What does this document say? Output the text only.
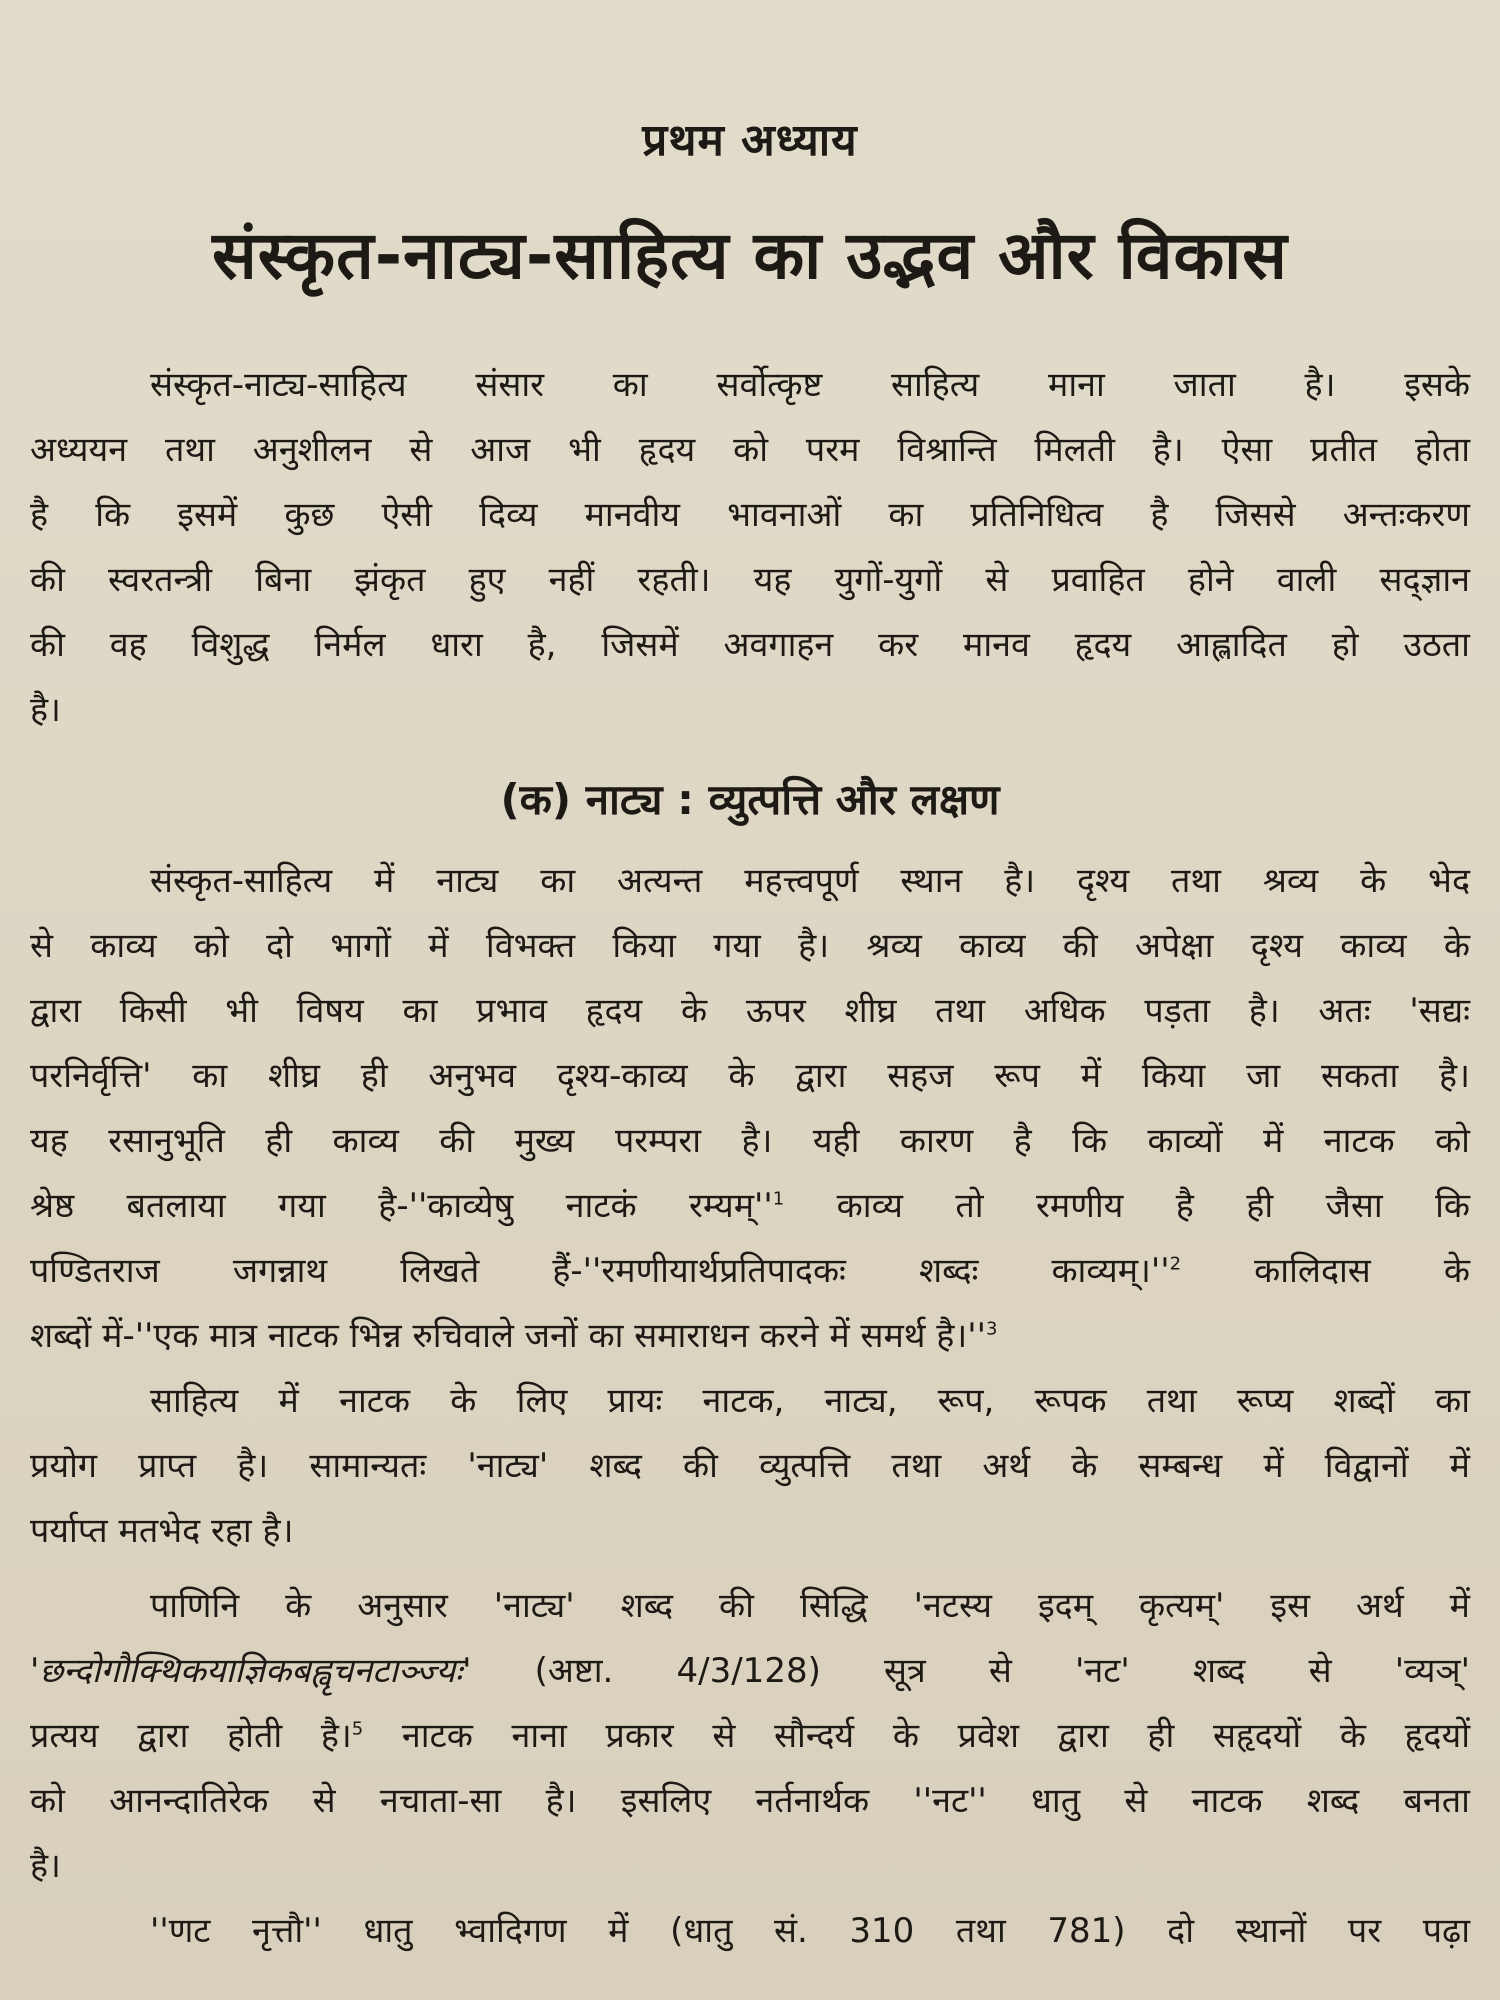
प्रथम अध्याय
संस्कृत-नाट्य-साहित्य का उद्भव और विकास
संस्कृत-नाट्य-साहित्य संसार का सर्वोत्कृष्ट साहित्य माना जाता है। इसके
अध्ययन तथा अनुशीलन से आज भी हृदय को परम विश्रान्ति मिलती है। ऐसा प्रतीत होता
है कि इसमें कुछ ऐसी दिव्य मानवीय भावनाओं का प्रतिनिधित्व है जिससे अन्तःकरण
की स्वरतन्त्री बिना झंकृत हुए नहीं रहती। यह युगों-युगों से प्रवाहित होने वाली सद्ज्ञान
की वह विशुद्ध निर्मल धारा है, जिसमें अवगाहन कर मानव हृदय आह्लादित हो उठता
है।
(क) नाट्य : व्युत्पत्ति और लक्षण
संस्कृत-साहित्य में नाट्य का अत्यन्त महत्त्वपूर्ण स्थान है। दृश्य तथा श्रव्य के भेद
से काव्य को दो भागों में विभक्त किया गया है। श्रव्य काव्य की अपेक्षा दृश्य काव्य के
द्वारा किसी भी विषय का प्रभाव हृदय के ऊपर शीघ्र तथा अधिक पड़ता है। अतः 'सद्यः
परनिर्वृत्ति' का शीघ्र ही अनुभव दृश्य-काव्य के द्वारा सहज रूप में किया जा सकता है।
यह रसानुभूति ही काव्य की मुख्य परम्परा है। यही कारण है कि काव्यों में नाटक को
श्रेष्ठ बतलाया गया है-''काव्येषु नाटकं $रम्यम्''^1$ काव्य तो रमणीय है ही जैसा कि
पण्डितराज जगन्नाथ लिखते हैं-''रमणीयार्थप्रतिपादकः शब्दः $काव्यम्।''^2$ कालिदास के
शब्दों में-''एक मात्र नाटक भिन्न रुचिवाले जनों का समाराधन करने में समर्थ $है।''^3$
साहित्य में नाटक के लिए प्रायः नाटक, नाट्य, रूप, रूपक तथा रूप्य शब्दों का
प्रयोग प्राप्त है। सामान्यतः 'नाट्य' शब्द की व्युत्पत्ति तथा अर्थ के सम्बन्ध में विद्वानों में
पर्याप्त मतभेद रहा है।
पाणिनि के अनुसार 'नाट्य' शब्द की सिद्धि 'नटस्य इदम् कृत्यम्' इस अर्थ में
'छन्दोगौक्थिकयाज्ञिकबह्वृचनटाञ्ज्यः' (अष्टा. 4/3/128) सूत्र से 'नट' शब्द से 'व्यञ्'
प्रत्यय द्वारा होती है।$^5$ नाटक नाना प्रकार से सौन्दर्य के प्रवेश द्वारा ही सहृदयों के हृदयों
को आनन्दातिरेक से नचाता-सा है। इसलिए नर्तनार्थक ''नट'' धातु से नाटक शब्द बनता
है।
''णट नृत्तौ'' धातु भ्वादिगण में (धातु सं. 310 तथा 781) दो स्थानों पर पढ़ा
